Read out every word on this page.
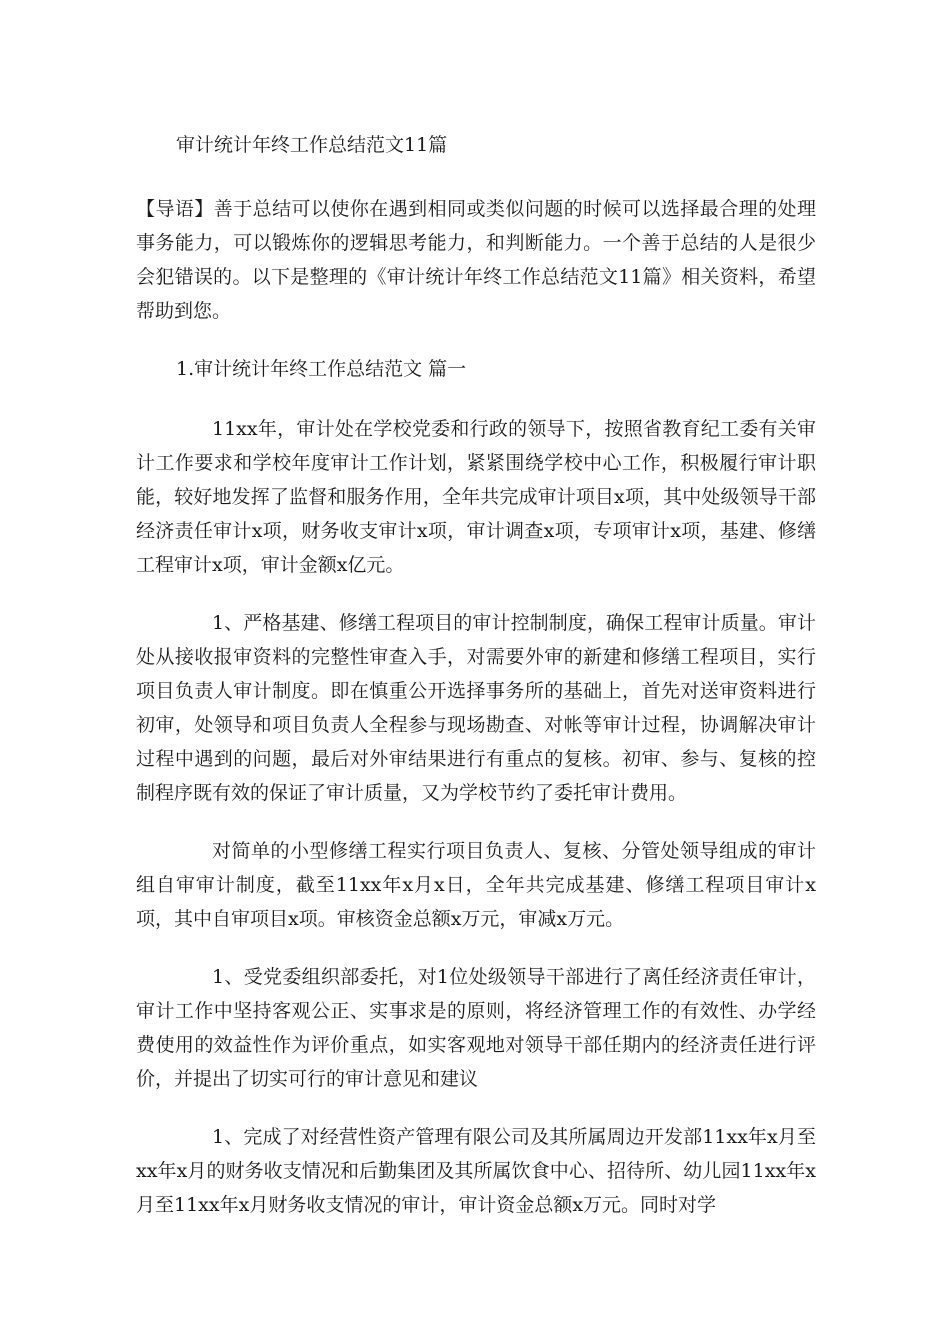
审计统计年终工作总结范文11篇

【导语】善于总结可以使你在遇到相同或类似问题的时候可以选择最合理的处理事务能力，可以锻炼你的逻辑思考能力，和判断能力。一个善于总结的人是很少会犯错误的。以下是整理的《审计统计年终工作总结范文11篇》相关资料，希望帮助到您。

1.审计统计年终工作总结范文 篇一

11xx年，审计处在学校党委和行政的领导下，按照省教育纪工委有关审计工作要求和学校年度审计工作计划，紧紧围绕学校中心工作，积极履行审计职能，较好地发挥了监督和服务作用，全年共完成审计项目x项，其中处级领导干部经济责任审计x项，财务收支审计x项，审计调查x项，专项审计x项，基建、修缮工程审计x项，审计金额x亿元。

1、严格基建、修缮工程项目的审计控制制度，确保工程审计质量。审计处从接收报审资料的完整性审查入手，对需要外审的新建和修缮工程项目，实行项目负责人审计制度。即在慎重公开选择事务所的基础上，首先对送审资料进行初审，处领导和项目负责人全程参与现场勘查、对帐等审计过程，协调解决审计过程中遇到的问题，最后对外审结果进行有重点的复核。初审、参与、复核的控制程序既有效的保证了审计质量，又为学校节约了委托审计费用。

对简单的小型修缮工程实行项目负责人、复核、分管处领导组成的审计组自审审计制度，截至11xx年x月x日，全年共完成基建、修缮工程项目审计x项，其中自审项目x项。审核资金总额x万元，审减x万元。

1、受党委组织部委托，对1位处级领导干部进行了离任经济责任审计，审计工作中坚持客观公正、实事求是的原则，将经济管理工作的有效性、办学经费使用的效益性作为评价重点，如实客观地对领导干部任期内的经济责任进行评价，并提出了切实可行的审计意见和建议

1、完成了对经营性资产管理有限公司及其所属周边开发部11xx年x月至xx年x月的财务收支情况和后勤集团及其所属饮食中心、招待所、幼儿园11xx年x月至11xx年x月财务收支情况的审计，审计资金总额x万元。同时对学
